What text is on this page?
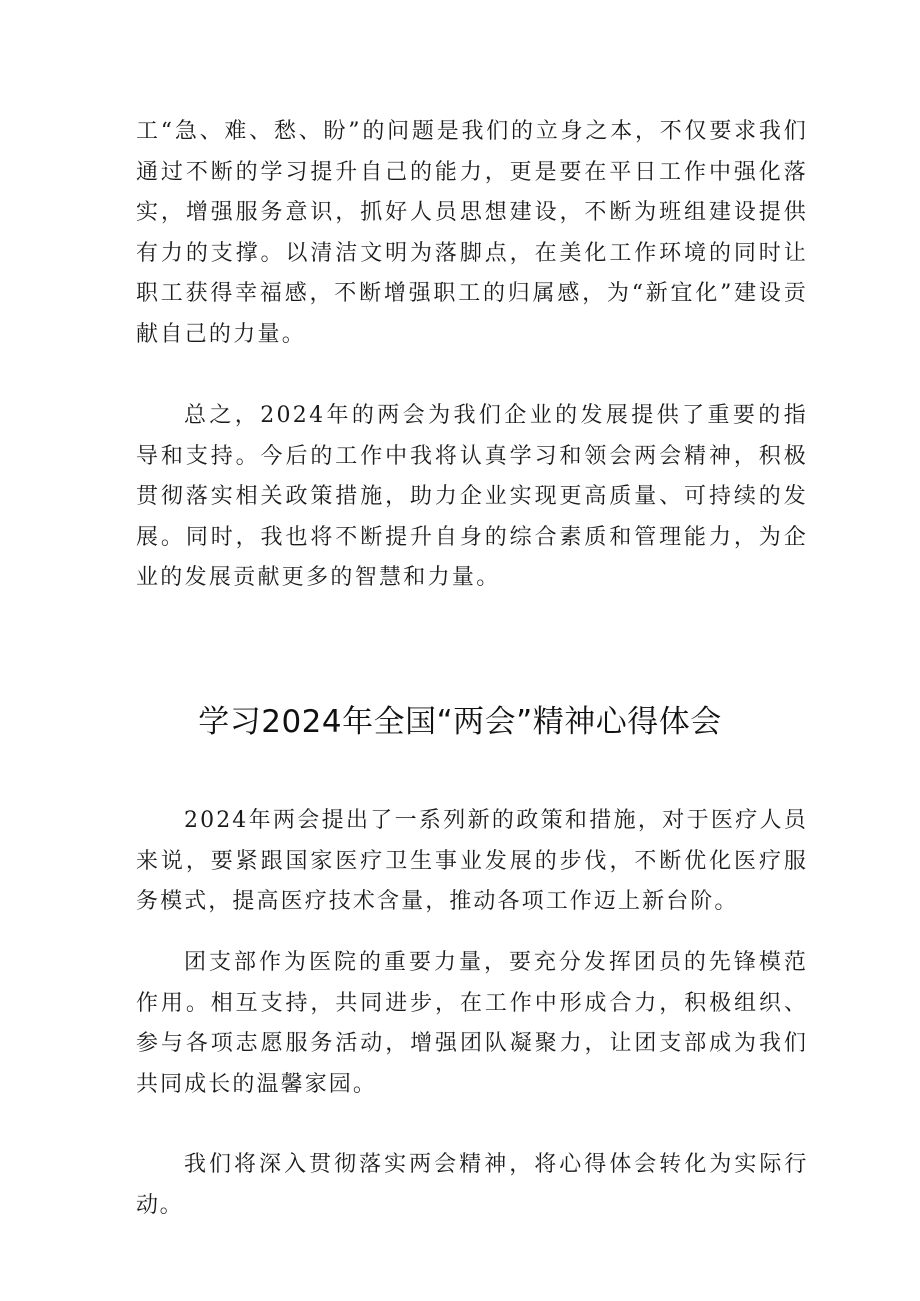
工“急、难、愁、盼”的问题是我们的立身之本，不仅要求我们通过不断的学习提升自己的能力，更是要在平日工作中强化落实，增强服务意识，抓好人员思想建设，不断为班组建设提供有力的支撑。以清洁文明为落脚点，在美化工作环境的同时让职工获得幸福感，不断增强职工的归属感，为“新宜化”建设贡献自己的力量。

总之，2024年的两会为我们企业的发展提供了重要的指导和支持。今后的工作中我将认真学习和领会两会精神，积极贯彻落实相关政策措施，助力企业实现更高质量、可持续的发展。同时，我也将不断提升自身的综合素质和管理能力，为企业的发展贡献更多的智慧和力量。

学习2024年全国“两会”精神心得体会

2024年两会提出了一系列新的政策和措施，对于医疗人员来说，要紧跟国家医疗卫生事业发展的步伐，不断优化医疗服务模式，提高医疗技术含量，推动各项工作迈上新台阶。

团支部作为医院的重要力量，要充分发挥团员的先锋模范作用。相互支持，共同进步，在工作中形成合力，积极组织、参与各项志愿服务活动，增强团队凝聚力，让团支部成为我们共同成长的温馨家园。

我们将深入贯彻落实两会精神，将心得体会转化为实际行动。
